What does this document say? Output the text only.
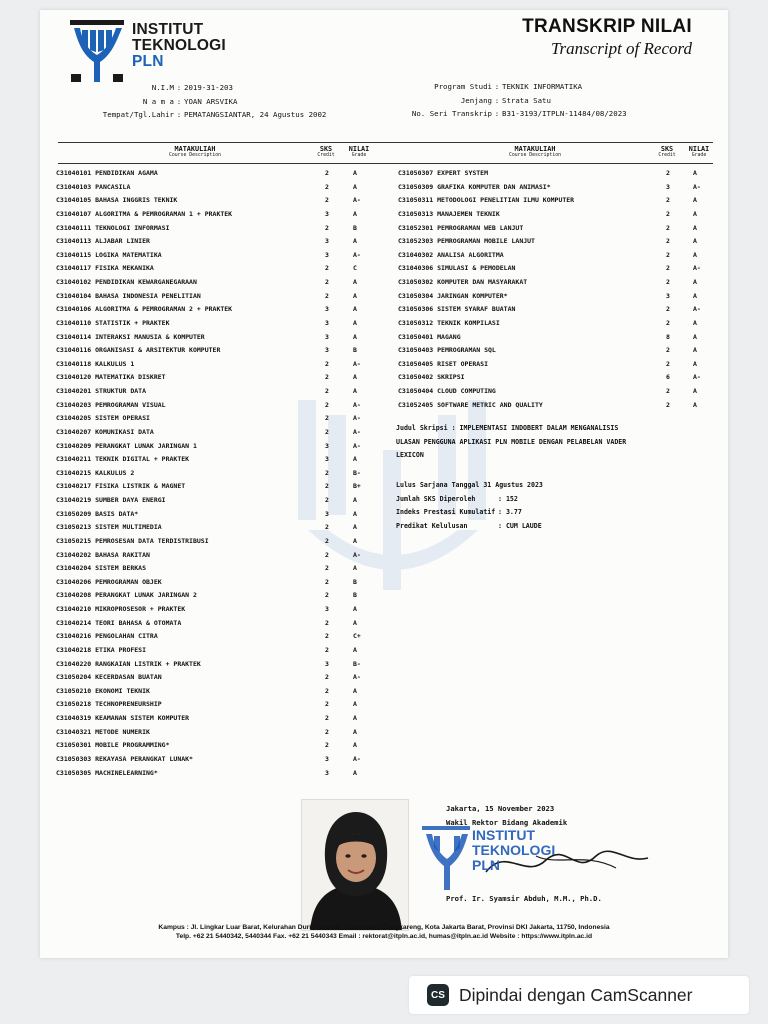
INSTITUT
TEKNOLOGI
PLN
TRANSKRIP NILAI
Transcript of Record
N.I.M : 2019-31-203
N a m a : YOAN ARSVIKA
Tempat/Tgl.Lahir : PEMATANGSIANTAR, 24 Agustus 2002
Program Studi : TEKNIK INFORMATIKA
Jenjang : Strata Satu
No. Seri Transkrip : B31-3193/ITPLN-11484/08/2023
MATAKULIAH
Course Description
SKS
Credit
NILAI
Grade
MATAKULIAH
Course Description
SKS
Credit
NILAI
Grade
C31040101 PENDIDIKAN AGAMA	2	A
C31040103 PANCASILA	2	A
C31040105 BAHASA INGGRIS TEKNIK	2	A-
C31040107 ALGORITMA & PEMROGRAMAN 1 + PRAKTEK	3	A
C31040111 TEKNOLOGI INFORMASI	2	B
C31040113 ALJABAR LINIER	3	A
C31040115 LOGIKA MATEMATIKA	3	A-
C31040117 FISIKA MEKANIKA	2	C
C31040102 PENDIDIKAN KEWARGANEGARAAN	2	A
C31040104 BAHASA INDONESIA PENELITIAN	2	A
C31040106 ALGORITMA & PEMROGRAMAN 2 + PRAKTEK	3	A
C31040110 STATISTIK + PRAKTEK	3	A
C31040114 INTERAKSI MANUSIA & KOMPUTER	3	A
C31040116 ORGANISASI & ARSITEKTUR KOMPUTER	3	B
C31040118 KALKULUS 1	2	A-
C31040120 MATEMATIKA DISKRET	2	A
C31040201 STRUKTUR DATA	2	A
C31040203 PEMROGRAMAN VISUAL	2	A-
C31040205 SISTEM OPERASI	2	A-
C31040207 KOMUNIKASI DATA	2	A-
C31040209 PERANGKAT LUNAK JARINGAN 1	3	A-
C31040211 TEKNIK DIGITAL + PRAKTEK	3	A
C31040215 KALKULUS 2	2	B-
C31040217 FISIKA LISTRIK & MAGNET	2	B+
C31040219 SUMBER DAYA ENERGI	2	A
C31050209 BASIS DATA*	3	A
C31050213 SISTEM MULTIMEDIA	2	A
C31050215 PEMROSESAN DATA TERDISTRIBUSI	2	A
C31040202 BAHASA RAKITAN	2	A-
C31040204 SISTEM BERKAS	2	A
C31040206 PEMROGRAMAN OBJEK	2	B
C31040208 PERANGKAT LUNAK JARINGAN 2	2	B
C31040210 MIKROPROSESOR + PRAKTEK	3	A
C31040214 TEORI BAHASA & OTOMATA	2	A
C31040216 PENGOLAHAN CITRA	2	C+
C31040218 ETIKA PROFESI	2	A
C31040220 RANGKAIAN LISTRIK + PRAKTEK	3	B-
C31050204 KECERDASAN BUATAN	2	A-
C31050210 EKONOMI TEKNIK	2	A
C31050218 TECHNOPRENEURSHIP	2	A
C31040319 KEAMANAN SISTEM KOMPUTER	2	A
C31040321 METODE NUMERIK	2	A
C31050301 MOBILE PROGRAMMING*	2	A
C31050303 REKAYASA PERANGKAT LUNAK*	3	A-
C31050305 MACHINELEARNING*	3	A
C31050307 EXPERT SYSTEM	2	A
C31050309 GRAFIKA KOMPUTER DAN ANIMASI*	3	A-
C31050311 METODOLOGI PENELITIAN ILMU KOMPUTER	2	A
C31050313 MANAJEMEN TEKNIK	2	A
C31052301 PEMROGRAMAN WEB LANJUT	2	A
C31052303 PEMROGRAMAN MOBILE LANJUT	2	A
C31040302 ANALISA ALGORITMA	2	A
C31040306 SIMULASI & PEMODELAN	2	A-
C31050302 KOMPUTER DAN MASYARAKAT	2	A
C31050304 JARINGAN KOMPUTER*	3	A
C31050306 SISTEM SYARAF BUATAN	2	A-
C31050312 TEKNIK KOMPILASI	2	A
C31050401 MAGANG	8	A
C31050403 PEMROGRAMAN SQL	2	A
C31050405 RISET OPERASI	2	A
C31050402 SKRIPSI	6	A-
C31050404 CLOUD COMPUTING	2	A
C31052405 SOFTWARE METRIC AND QUALITY	2	A
Judul Skripsi : IMPLEMENTASI INDOBERT DALAM MENGANALISIS
ULASAN PENGGUNA APLIKASI PLN MOBILE DENGAN PELABELAN VADER
LEXICON
Lulus Sarjana Tanggal 31 Agustus 2023
Jumlah SKS Diperoleh	: 152
Indeks Prestasi Kumulatif : 3.77
Predikat Kelulusan	: CUM LAUDE
INSTITUT
TEKNOLOGI
PLN
Jakarta, 15 November 2023
Wakil Rektor Bidang Akademik
Prof. Ir. Syamsir Abduh, M.M., Ph.D.
Kampus : Jl. Lingkar Luar Barat, Kelurahan Duri Kosambi, Kecamatan Cengkareng, Kota Jakarta Barat, Provinsi DKI Jakarta, 11750, Indonesia
Telp. +62 21 5440342, 5440344 Fax. +62 21 5440343 Email : rektorat@itpln.ac.id, humas@itpln.ac.id Website : https://www.itpln.ac.id
CS Dipindai dengan CamScanner
